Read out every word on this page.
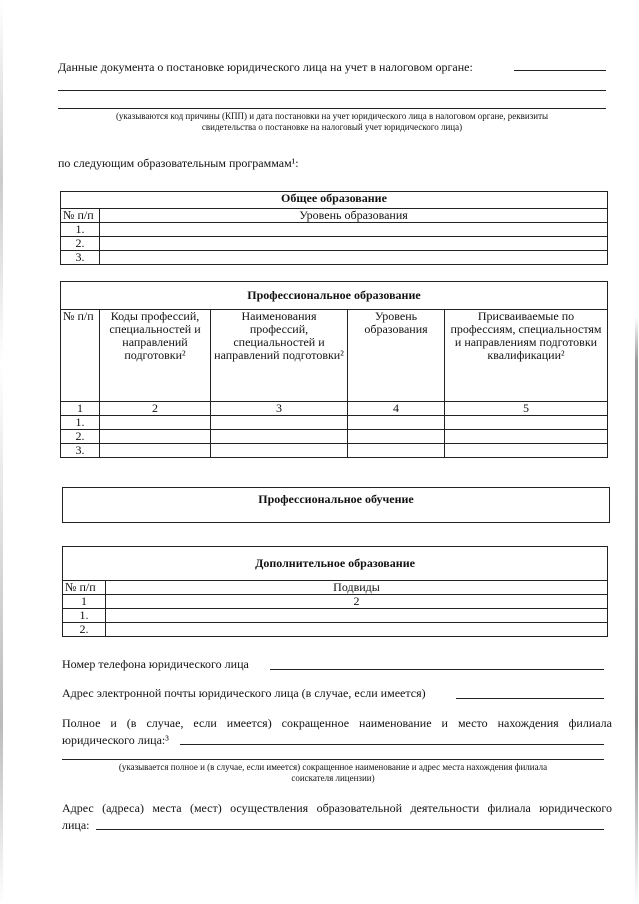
Данные документа о постановке юридического лица на учет в налоговом органе:
(указываются код причины (КПП) и дата постановки на учет юридического лица в налоговом органе, реквизиты
свидетельства о постановке на налоговый учет юридического лица)
по следующим образовательным программам¹:
Общее образование	
№ п/п	Уровень образования
1.	
2.	
3.	
Профессиональное образование				
№ п/п	Коды профессий, специальностей и направлений подготовки²	Наименования профессий, специальностей и направлений подготовки²	Уровень образования	Присваиваемые по профессиям, специальностям и направлениям подготовки квалификации²
1	2	3	4	5
1.				
2.				
3.				
Профессиональное обучение
Дополнительное образование	
№ п/п	Подвиды
1	2
1.	
2.	
Номер телефона юридического лица
Адрес электронной почты юридического лица (в случае, если имеется)
Полное и (в случае, если имеется) сокращенное наименование и место нахождения филиала
юридического лица:³
(указывается полное и (в случае, если имеется) сокращенное наименование и адрес места нахождения филиала
соискателя лицензии)
Адрес (адреса) места (мест) осуществления образовательной деятельности филиала юридического
лица:
